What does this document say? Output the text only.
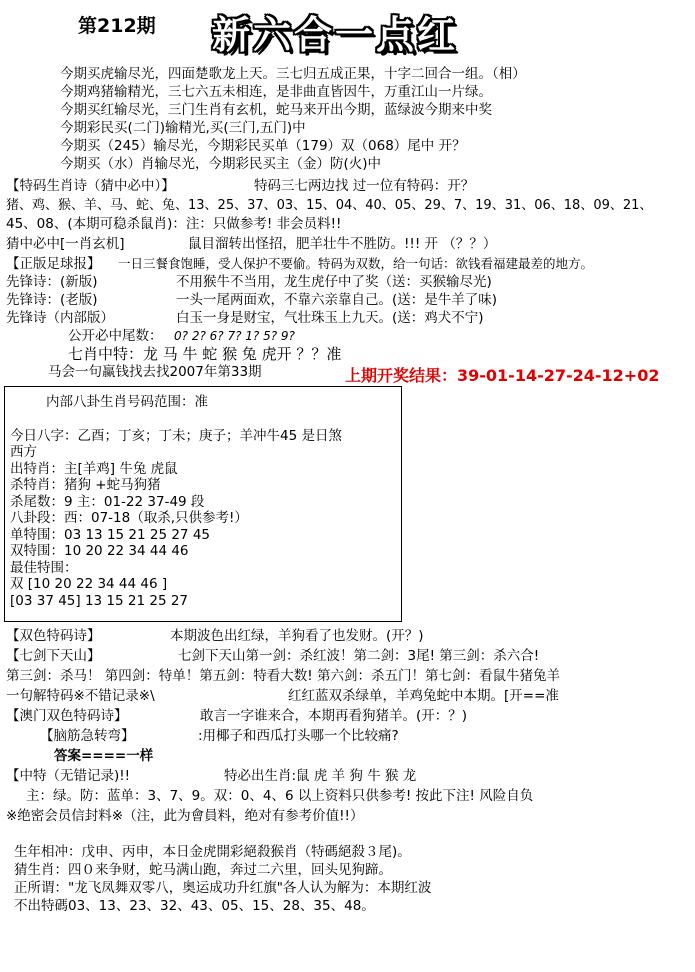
第212期 新六合一点红
今期买虎输尽光，四面楚歌龙上天。三七归五成正果，十字二回合一组。（相）
今期鸡猪输精光，三七六五未相连，是非曲直皆因牛，万重江山一片绿。
今期买红输尽光，三门生肖有玄机，蛇马来开出今期，蓝绿波今期来中奖
今期彩民买(二门)输精光,买(三门,五门)中
今期买（245）输尽光，今期彩民买单（179）双（068）尾中 开？
今期买（水）肖输尽光，今期彩民买主（金）防(火)中
【特码生肖诗（猜中必中）】	特码三七两边找 过一位有特码：开？
猪、鸡、猴、羊、马、蛇、兔、13、25、37、03、15、04、40、05、29、7、19、31、06、18、09、21、
45、08、(本期可稳杀鼠肖)：注：只做参考! 非会员料!!
猜中必中[一肖玄机]	鼠目溜转出怪招，肥羊壮牛不胜防。!!! 开 （？？）
【正版足球报】 一日三餐食饱睡，受人保护不要偷。特码为双数，给一句话：欲钱看福建最差的地方。
先锋诗：(新版)	不用猴牛不当用，龙生虎仔中了奖（送：买猴输尽光)
先锋诗：(老版)	一头一尾两面欢，不靠六亲靠自己。(送：是牛羊了味)
先锋诗（内部版）	白玉一身是财宝，气壮珠玉上九天。(送：鸡犬不宁)
公开必中尾数： 0? 2? 6? 7? 1? 5? 9?
七肖中特：龙 马 牛 蛇 猴 兔 虎开 ？？准
马会一句赢钱找去找2007年第33期	上期开奖结果：39-01-14-27-24-12+02
内部八卦生肖号码范围：准
今日八字：乙酉；丁亥；丁未；庚子；羊冲牛45 是日煞
西方
出特肖：主[羊鸡] 牛兔 虎鼠
杀特肖：猪狗 +蛇马狗猪
杀尾数：9 主：01-22 37-49 段
八卦段：西：07-18（取杀,只供参考!）
单特围：03 13 15 21 25 27 45
双特围：10 20 22 34 44 46
最佳特围：
双 [10 20 22 34 44 46 ]
[03 37 45] 13 15 21 25 27
【双色特码诗】	本期波色出红绿，羊狗看了也发财。(开？)
【七剑下天山】	七剑下天山第一剑：杀红波！第二剑：3尾! 第三剑：杀六合!
第三剑：杀马！ 第四剑：特单！第五剑：特看大数! 第六剑：杀五门！第七剑：看鼠牛猪兔羊
一句解特码※不错记录※\	红红蓝双杀绿单，羊鸡兔蛇中本期。[开==准
【澳门双色特码诗】	敢言一字谁来合，本期再看狗猪羊。(开：？)
【脑筋急转弯】	:用椰子和西瓜打头哪一个比较痛?
答案====一样
【中特（无错记录)!!	特必出生肖:鼠 虎 羊 狗 牛 猴 龙
主：绿。防：蓝单：3、7、9。双：0、4、6 以上资料只供参考! 按此下注! 风险自负
※绝密会员信封料※（注，此为會員料，绝对有参考价值!!）
生年相冲：戊申、丙申，本日金虎開彩絕殺猴肖（特碼絕殺３尾)。
猜生肖：四０来争财，蛇马满山跑，奔过二六里，回头见狗蹄。
正所谓："龙飞凤舞双零八，奥运成功升红旗"各人认为解为：本期红波
不出特碼03、13、23、32、43、05、15、28、35、48。
